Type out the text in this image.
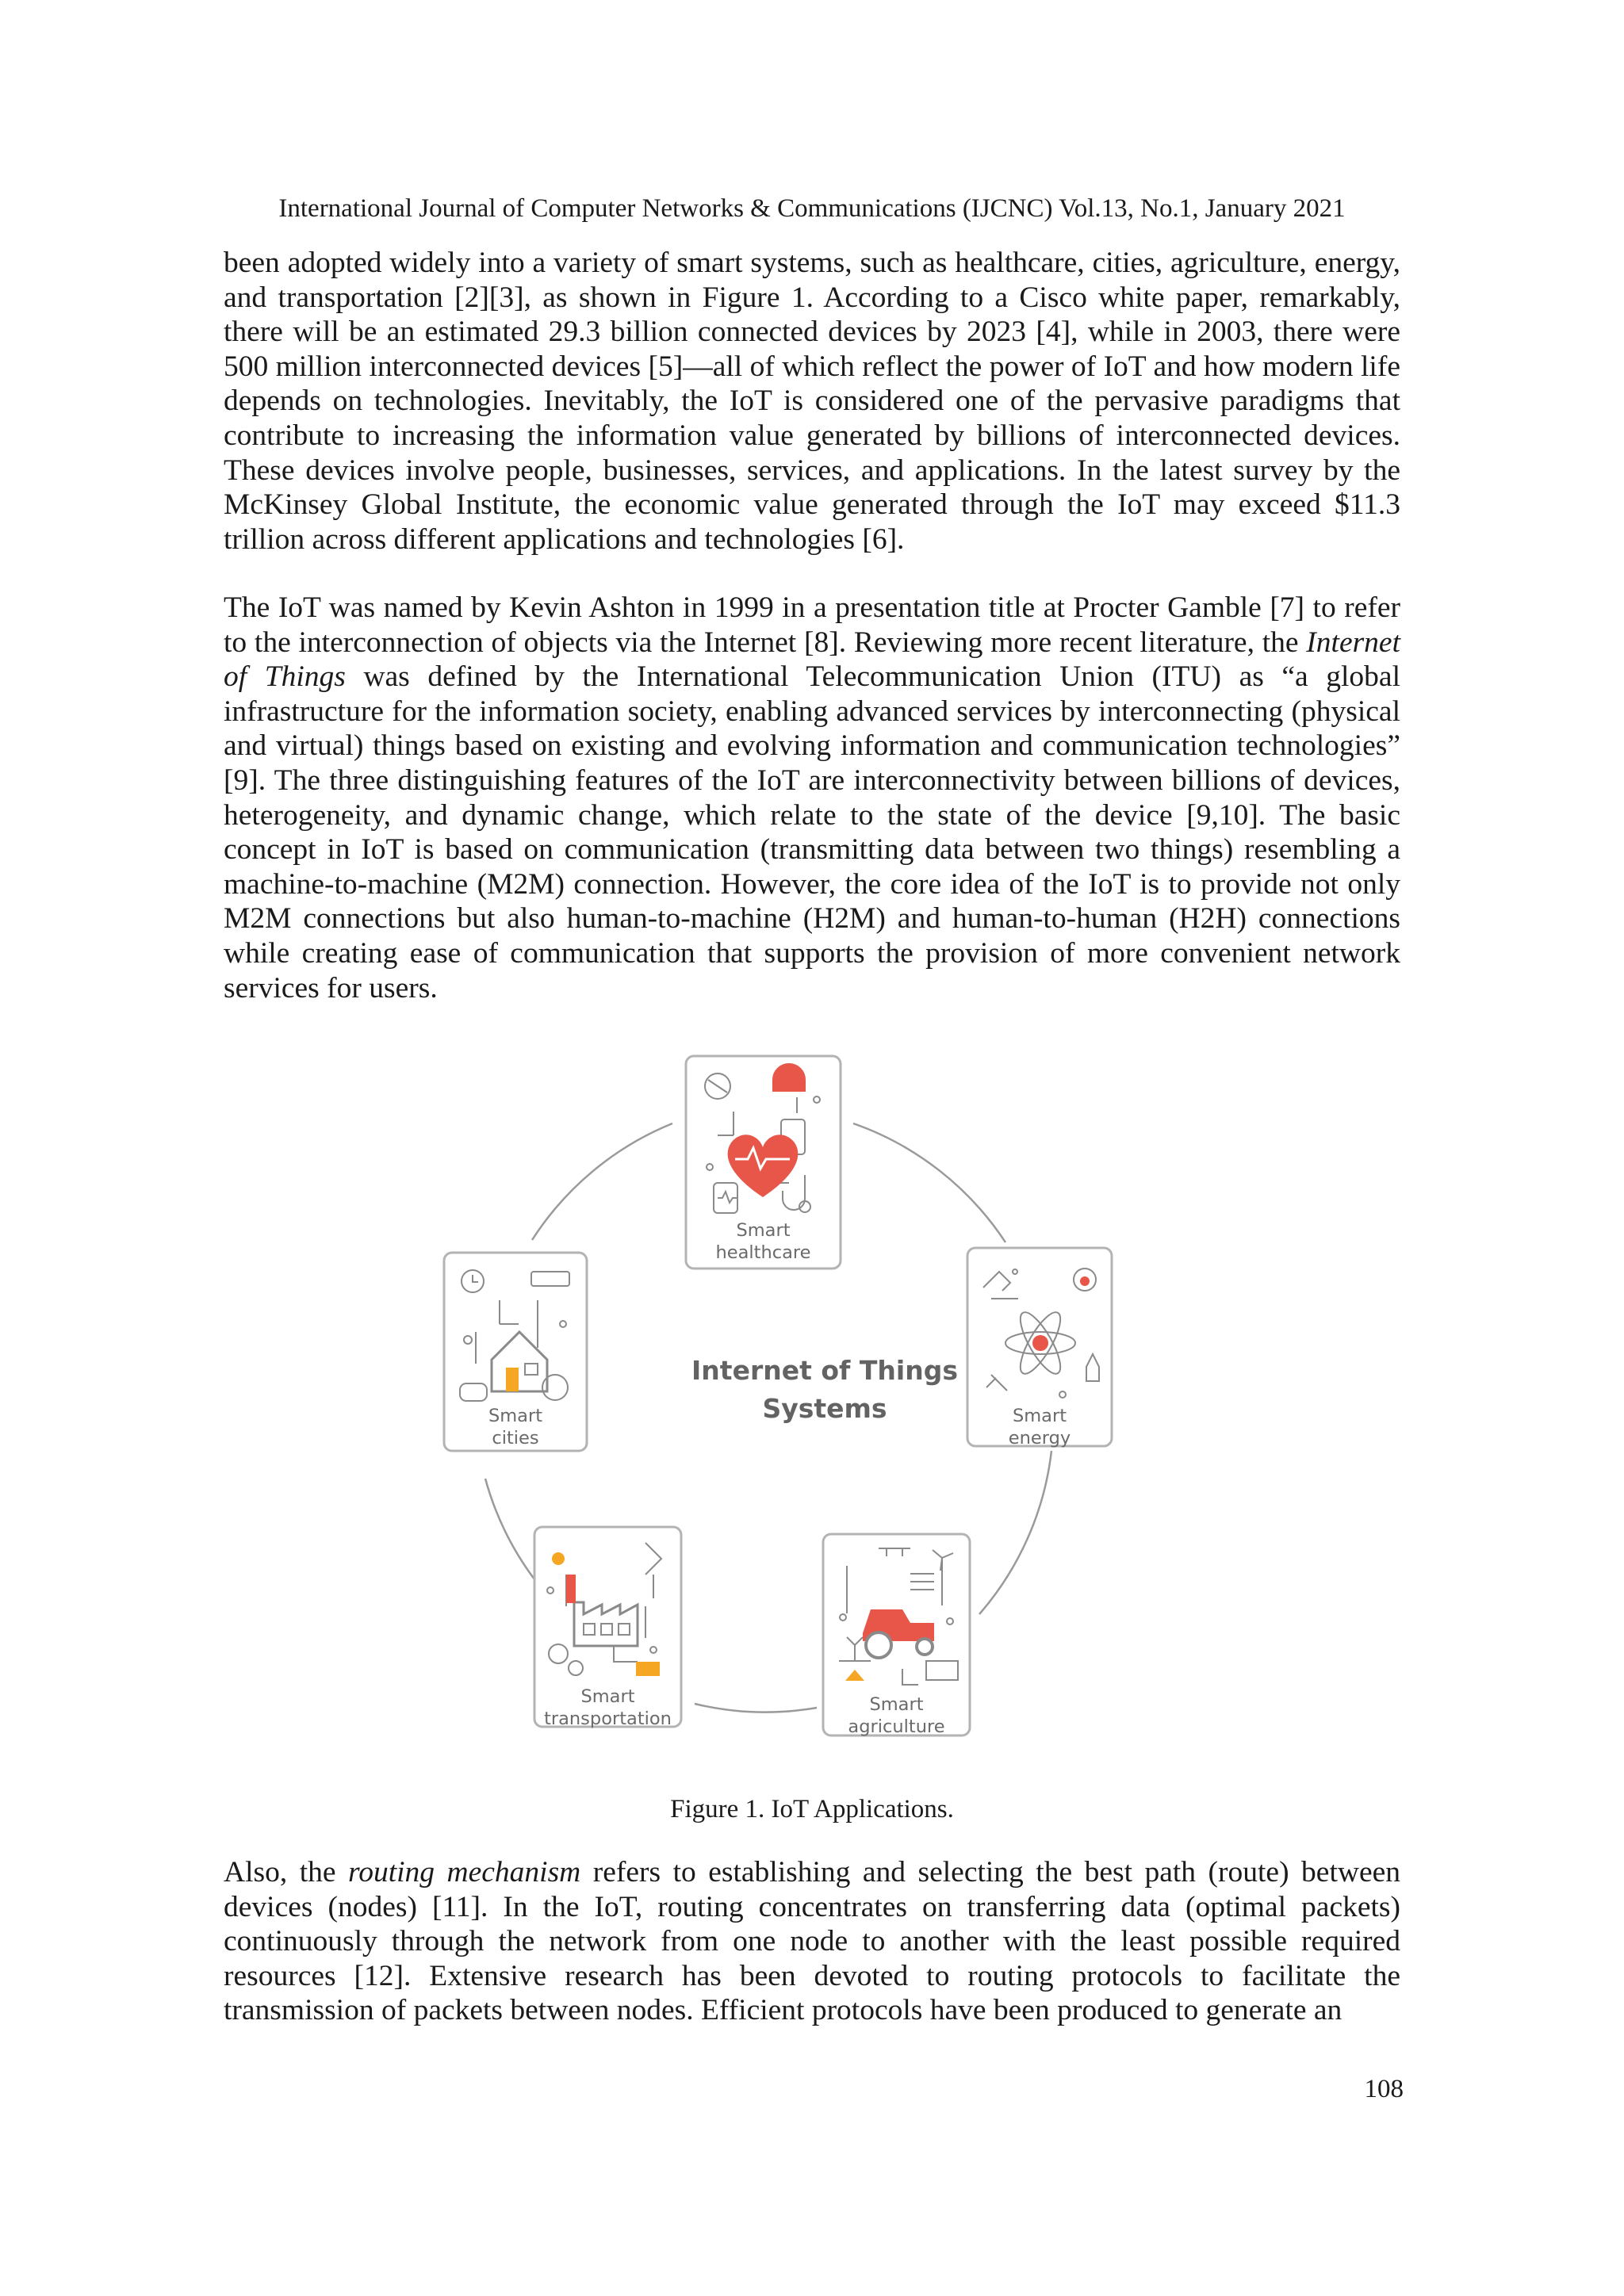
International Journal of Computer Networks & Communications (IJCNC) Vol.13, No.1, January 2021

been adopted widely into a variety of smart systems, such as healthcare, cities, agriculture, energy, and transportation [2][3], as shown in Figure 1. According to a Cisco white paper, remarkably, there will be an estimated 29.3 billion connected devices by 2023 [4], while in 2003, there were 500 million interconnected devices [5]—all of which reflect the power of IoT and how modern life depends on technologies. Inevitably, the IoT is considered one of the pervasive paradigms that contribute to increasing the information value generated by billions of interconnected devices. These devices involve people, businesses, services, and applications. In the latest survey by the McKinsey Global Institute, the economic value generated through the IoT may exceed $11.3 trillion across different applications and technologies [6].

The IoT was named by Kevin Ashton in 1999 in a presentation title at Procter Gamble [7] to refer to the interconnection of objects via the Internet [8]. Reviewing more recent literature, the Internet of Things was defined by the International Telecommunication Union (ITU) as “a global infrastructure for the information society, enabling advanced services by interconnecting (physical and virtual) things based on existing and evolving information and communication technologies” [9]. The three distinguishing features of the IoT are interconnectivity between billions of devices, heterogeneity, and dynamic change, which relate to the state of the device [9,10]. The basic concept in IoT is based on communication (transmitting data between two things) resembling a machine-to-machine (M2M) connection. However, the core idea of the IoT is to provide not only M2M connections but also human-to-machine (H2M) and human-to-human (H2H) connections while creating ease of communication that supports the provision of more convenient network services for users.

Internet of Things
Systems
Smart
healthcare
Smart
cities
Smart
energy
Smart
transportation
Smart
agriculture
Figure 1. IoT Applications.

Also, the routing mechanism refers to establishing and selecting the best path (route) between devices (nodes) [11]. In the IoT, routing concentrates on transferring data (optimal packets) continuously through the network from one node to another with the least possible required resources [12]. Extensive research has been devoted to routing protocols to facilitate the transmission of packets between nodes. Efficient protocols have been produced to generate an

108
